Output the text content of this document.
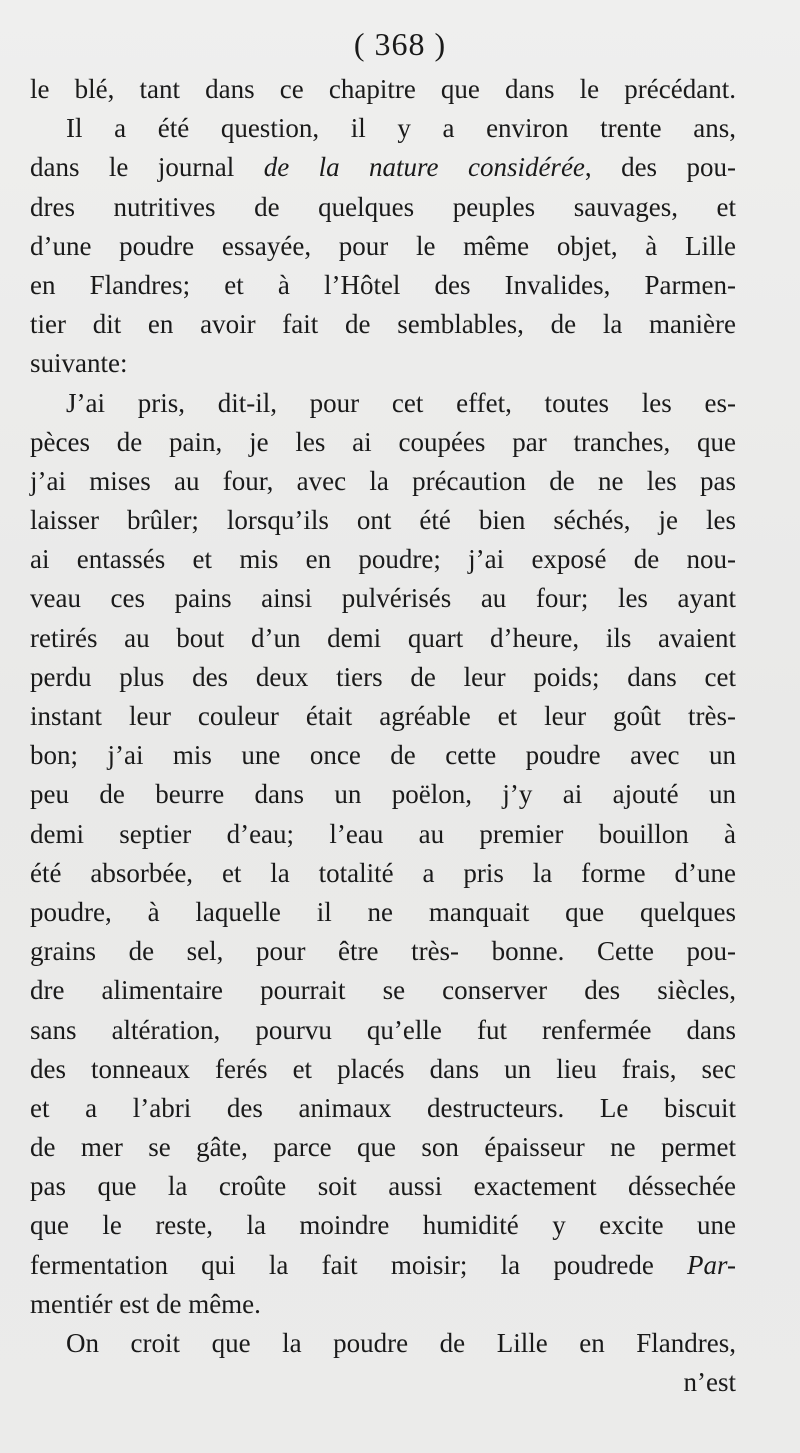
( 368 )
le blé, tant dans ce chapitre que dans le précédant.
Il a été question, il y a environ trente ans,
dans le journal de la nature considérée, des pou-
dres nutritives de quelques peuples sauvages, et
d’une poudre essayée, pour le même objet, à Lille
en Flandres; et à l’Hôtel des Invalides, Parmen-
tier dit en avoir fait de semblables, de la manière
suivante:
J’ai pris, dit-il, pour cet effet, toutes les es-
pèces de pain, je les ai coupées par tranches, que
j’ai mises au four, avec la précaution de ne les pas
laisser brûler; lorsqu’ils ont été bien séchés, je les
ai entassés et mis en poudre; j’ai exposé de nou-
veau ces pains ainsi pulvérisés au four; les ayant
retirés au bout d’un demi quart d’heure, ils avaient
perdu plus des deux tiers de leur poids; dans cet
instant leur couleur était agréable et leur goût très-
bon; j’ai mis une once de cette poudre avec un
peu de beurre dans un poëlon, j’y ai ajouté un
demi septier d’eau; l’eau au premier bouillon à
été absorbée, et la totalité a pris la forme d’une
poudre, à laquelle il ne manquait que quelques
grains de sel, pour être très- bonne. Cette pou-
dre alimentaire pourrait se conserver des siècles,
sans altération, pourvu qu’elle fut renfermée dans
des tonneaux ferés et placés dans un lieu frais, sec
et a l’abri des animaux destructeurs. Le biscuit
de mer se gâte, parce que son épaisseur ne permet
pas que la croûte soit aussi exactement déssechée
que le reste, la moindre humidité y excite une
fermentation qui la fait moisir; la poudrede Par-
mentiér est de même.
On croit que la poudre de Lille en Flandres,
n’est
